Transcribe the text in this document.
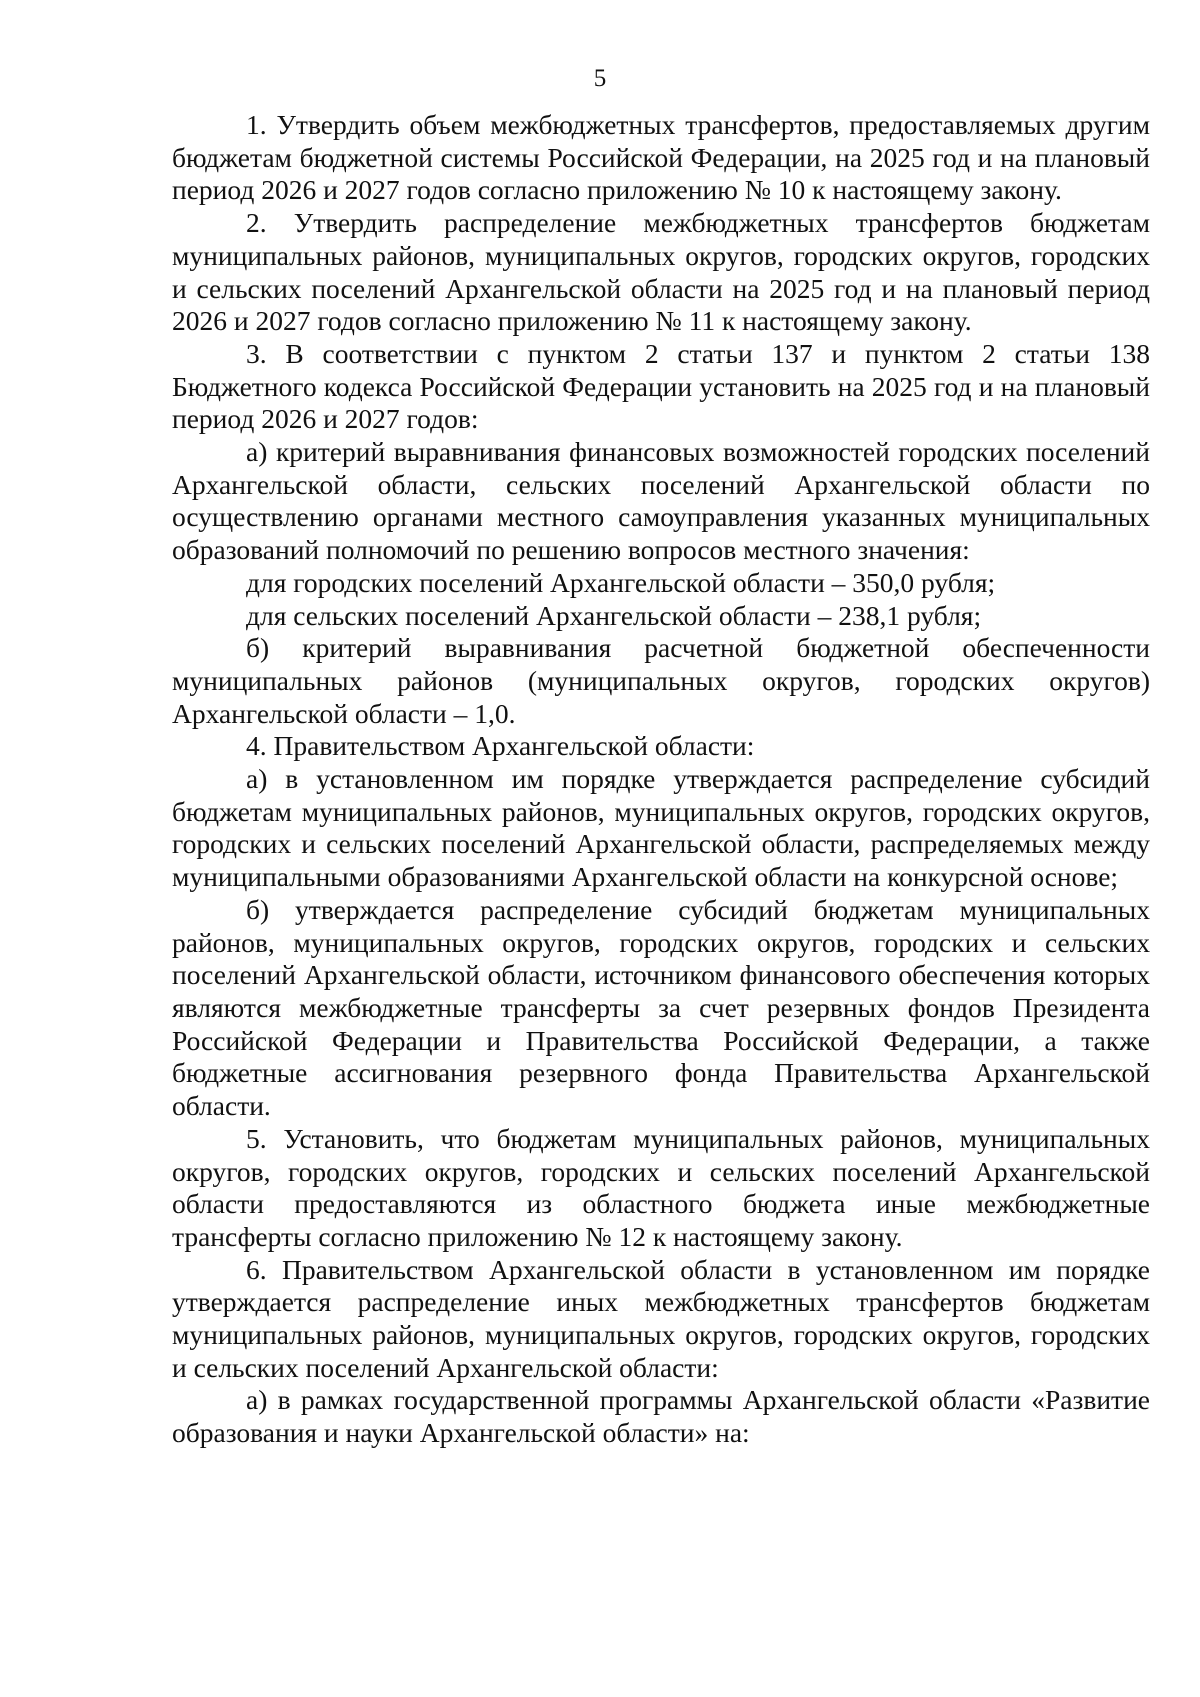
5

1. Утвердить объем межбюджетных трансфертов, предоставляемых другим бюджетам бюджетной системы Российской Федерации, на 2025 год и на плановый период 2026 и 2027 годов согласно приложению № 10 к настоящему закону.

2. Утвердить распределение межбюджетных трансфертов бюджетам муниципальных районов, муниципальных округов, городских округов, городских и сельских поселений Архангельской области на 2025 год и на плановый период 2026 и 2027 годов согласно приложению № 11 к настоящему закону.

3. В соответствии с пунктом 2 статьи 137 и пунктом 2 статьи 138 Бюджетного кодекса Российской Федерации установить на 2025 год и на плановый период 2026 и 2027 годов:

а) критерий выравнивания финансовых возможностей городских поселений Архангельской области, сельских поселений Архангельской области по осуществлению органами местного самоуправления указанных муниципальных образований полномочий по решению вопросов местного значения:

для городских поселений Архангельской области – 350,0 рубля;

для сельских поселений Архангельской области – 238,1 рубля;

б) критерий выравнивания расчетной бюджетной обеспеченности муниципальных районов (муниципальных округов, городских округов) Архангельской области – 1,0.

4. Правительством Архангельской области:

а) в установленном им порядке утверждается распределение субсидий бюджетам муниципальных районов, муниципальных округов, городских округов, городских и сельских поселений Архангельской области, распределяемых между муниципальными образованиями Архангельской области на конкурсной основе;

б) утверждается распределение субсидий бюджетам муниципальных районов, муниципальных округов, городских округов, городских и сельских поселений Архангельской области, источником финансового обеспечения которых являются межбюджетные трансферты за счет резервных фондов Президента Российской Федерации и Правительства Российской Федерации, а также бюджетные ассигнования резервного фонда Правительства Архангельской области.

5. Установить, что бюджетам муниципальных районов, муниципальных округов, городских округов, городских и сельских поселений Архангельской области предоставляются из областного бюджета иные межбюджетные трансферты согласно приложению № 12 к настоящему закону.

6. Правительством Архангельской области в установленном им порядке утверждается распределение иных межбюджетных трансфертов бюджетам муниципальных районов, муниципальных округов, городских округов, городских и сельских поселений Архангельской области:

а) в рамках государственной программы Архангельской области «Развитие образования и науки Архангельской области» на:
